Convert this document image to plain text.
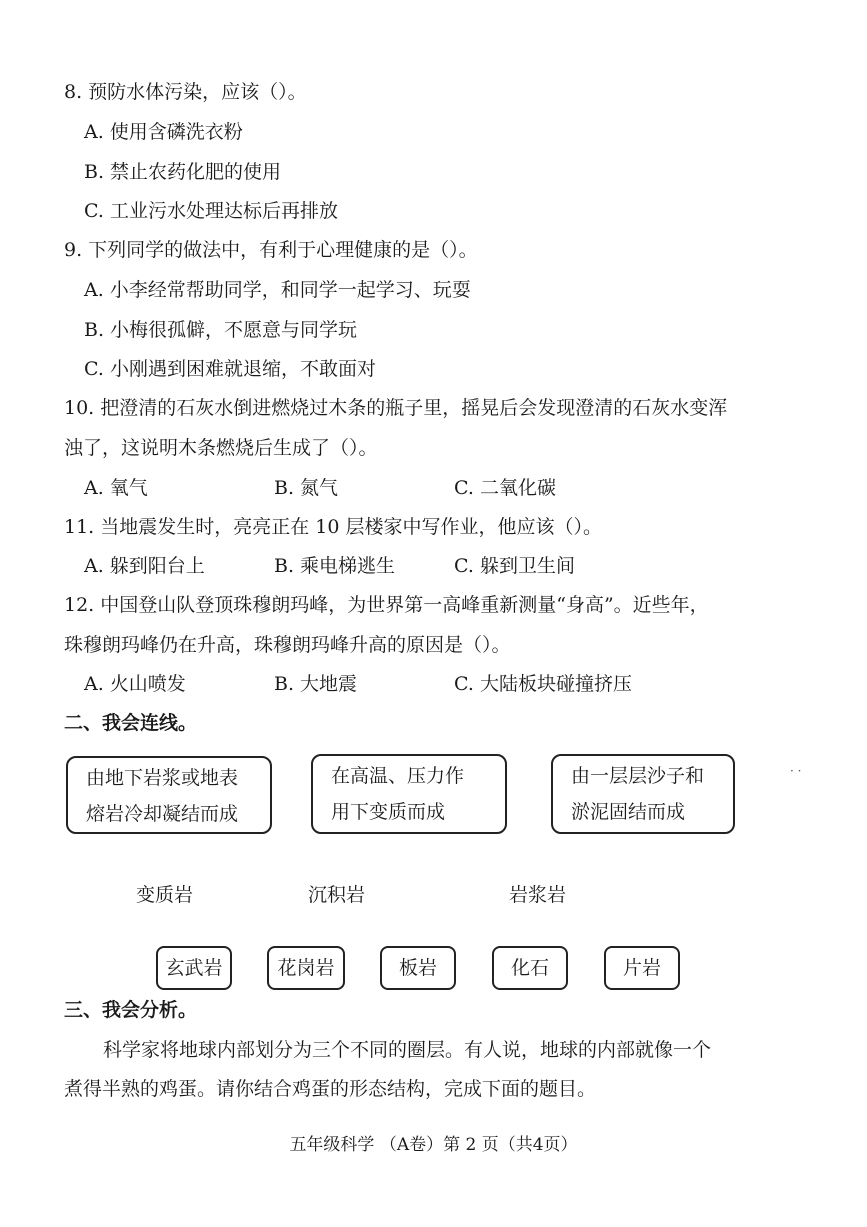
8. 预防水体污染，应该（）。
A. 使用含磷洗衣粉
B. 禁止农药化肥的使用
C. 工业污水处理达标后再排放
9. 下列同学的做法中，有利于心理健康的是（）。
A. 小李经常帮助同学，和同学一起学习、玩耍
B. 小梅很孤僻，不愿意与同学玩
C. 小刚遇到困难就退缩，不敢面对
10. 把澄清的石灰水倒进燃烧过木条的瓶子里，摇晃后会发现澄清的石灰水变浑
浊了，这说明木条燃烧后生成了（）。
A. 氧气	B. 氮气	C. 二氧化碳
11. 当地震发生时，亮亮正在 10 层楼家中写作业，他应该（）。
A. 躲到阳台上	B. 乘电梯逃生	C. 躲到卫生间
12. 中国登山队登顶珠穆朗玛峰，为世界第一高峰重新测量“身高”。近些年，
珠穆朗玛峰仍在升高，珠穆朗玛峰升高的原因是（）。
A. 火山喷发	B. 大地震	C. 大陆板块碰撞挤压
二、我会连线。
由地下岩浆或地表
熔岩冷却凝结而成
在高温、压力作
用下变质而成
由一层层沙子和
淤泥固结而成
· ·
变质岩	沉积岩	岩浆岩
玄武岩	花岗岩	板岩	化石	片岩
三、我会分析。
科学家将地球内部划分为三个不同的圈层。有人说，地球的内部就像一个
煮得半熟的鸡蛋。请你结合鸡蛋的形态结构，完成下面的题目。
五年级科学 （A卷）第 2 页（共4页）
